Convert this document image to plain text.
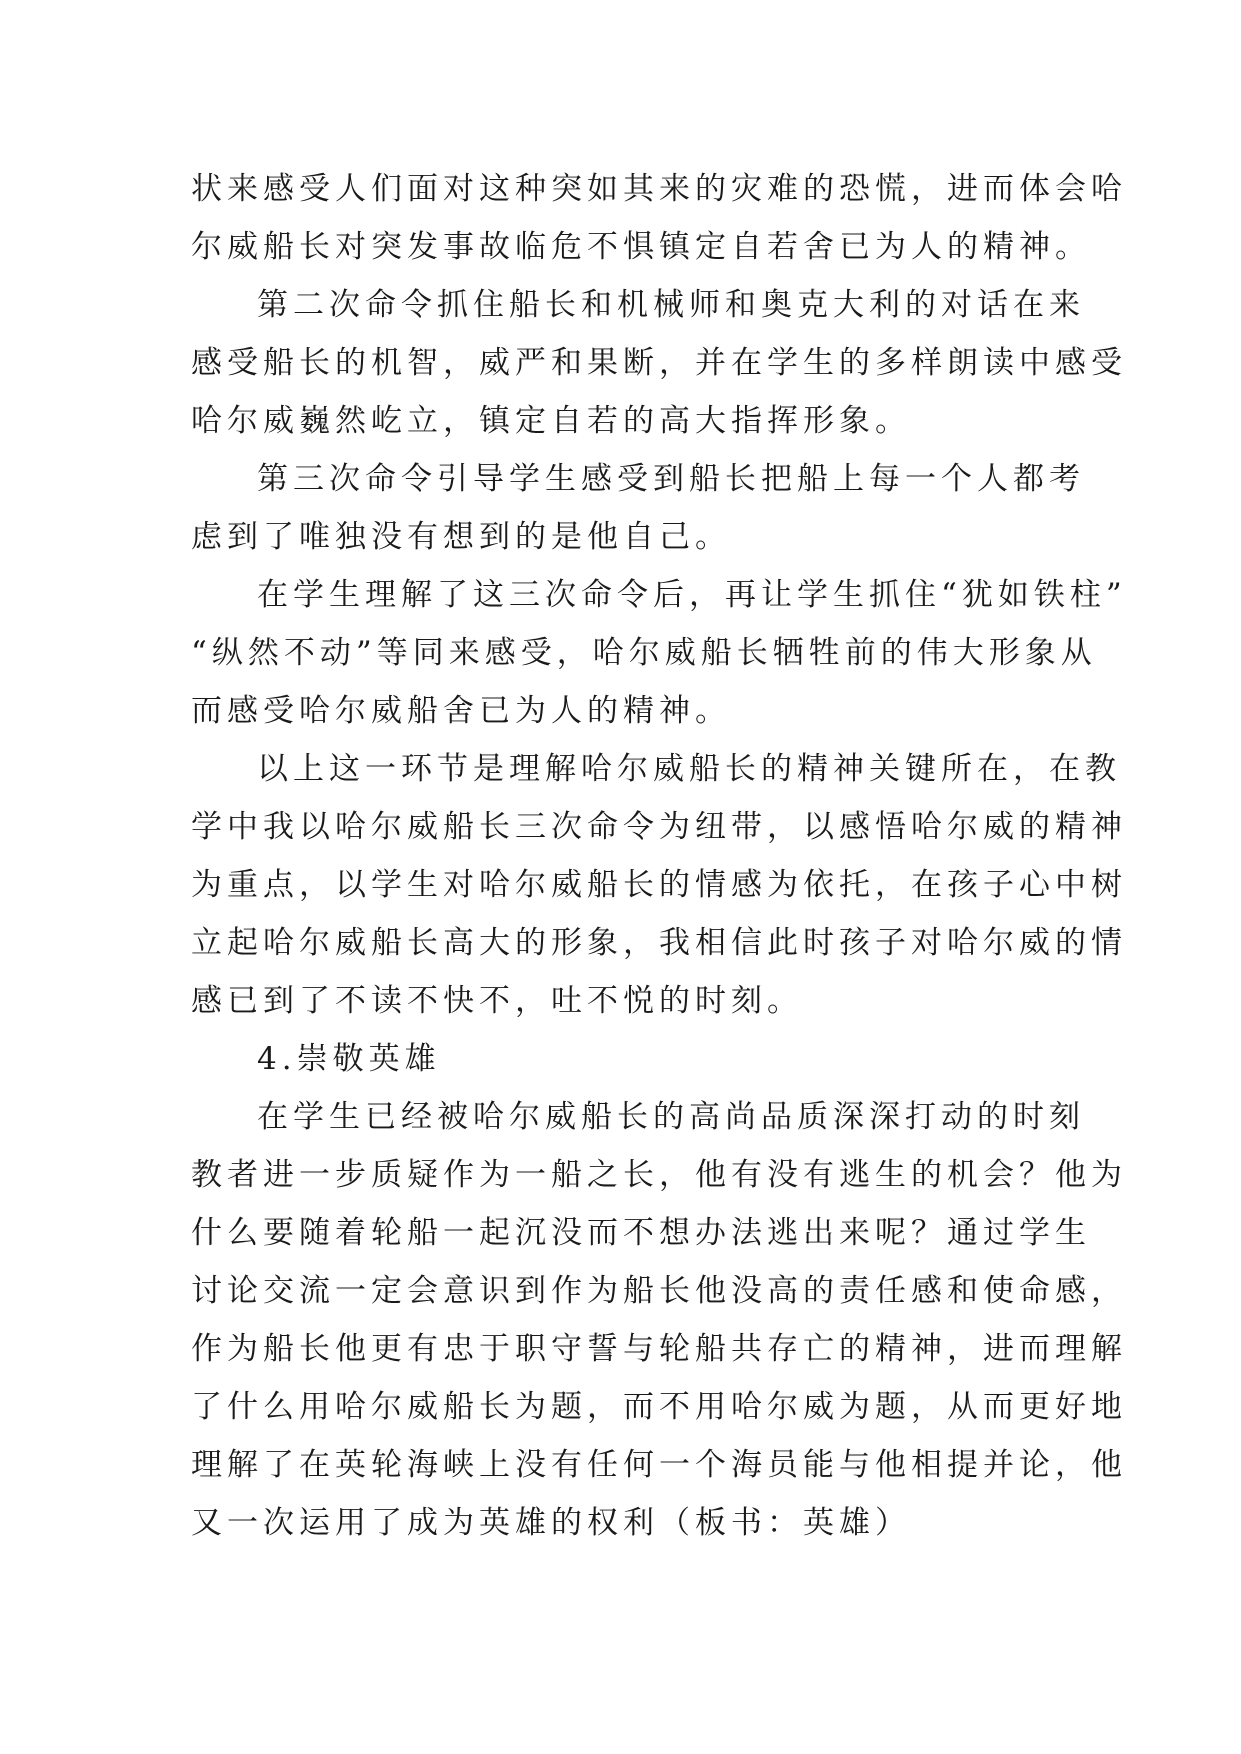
状来感受人们面对这种突如其来的灾难的恐慌，进而体会哈
尔威船长对突发事故临危不惧镇定自若舍已为人的精神。
第二次命令抓住船长和机械师和奥克大利的对话在来
感受船长的机智，威严和果断，并在学生的多样朗读中感受
哈尔威巍然屹立，镇定自若的高大指挥形象。
第三次命令引导学生感受到船长把船上每一个人都考
虑到了唯独没有想到的是他自己。
在学生理解了这三次命令后，再让学生抓住“犹如铁柱”
“纵然不动”等同来感受，哈尔威船长牺牲前的伟大形象从
而感受哈尔威船舍已为人的精神。
以上这一环节是理解哈尔威船长的精神关键所在，在教
学中我以哈尔威船长三次命令为纽带，以感悟哈尔威的精神
为重点，以学生对哈尔威船长的情感为依托，在孩子心中树
立起哈尔威船长高大的形象，我相信此时孩子对哈尔威的情
感已到了不读不快不，吐不悦的时刻。
4.崇敬英雄
在学生已经被哈尔威船长的高尚品质深深打动的时刻
教者进一步质疑作为一船之长，他有没有逃生的机会？他为
什么要随着轮船一起沉没而不想办法逃出来呢？通过学生
讨论交流一定会意识到作为船长他没高的责任感和使命感，
作为船长他更有忠于职守誓与轮船共存亡的精神，进而理解
了什么用哈尔威船长为题，而不用哈尔威为题，从而更好地
理解了在英轮海峡上没有任何一个海员能与他相提并论，他
又一次运用了成为英雄的权利（板书：英雄）
